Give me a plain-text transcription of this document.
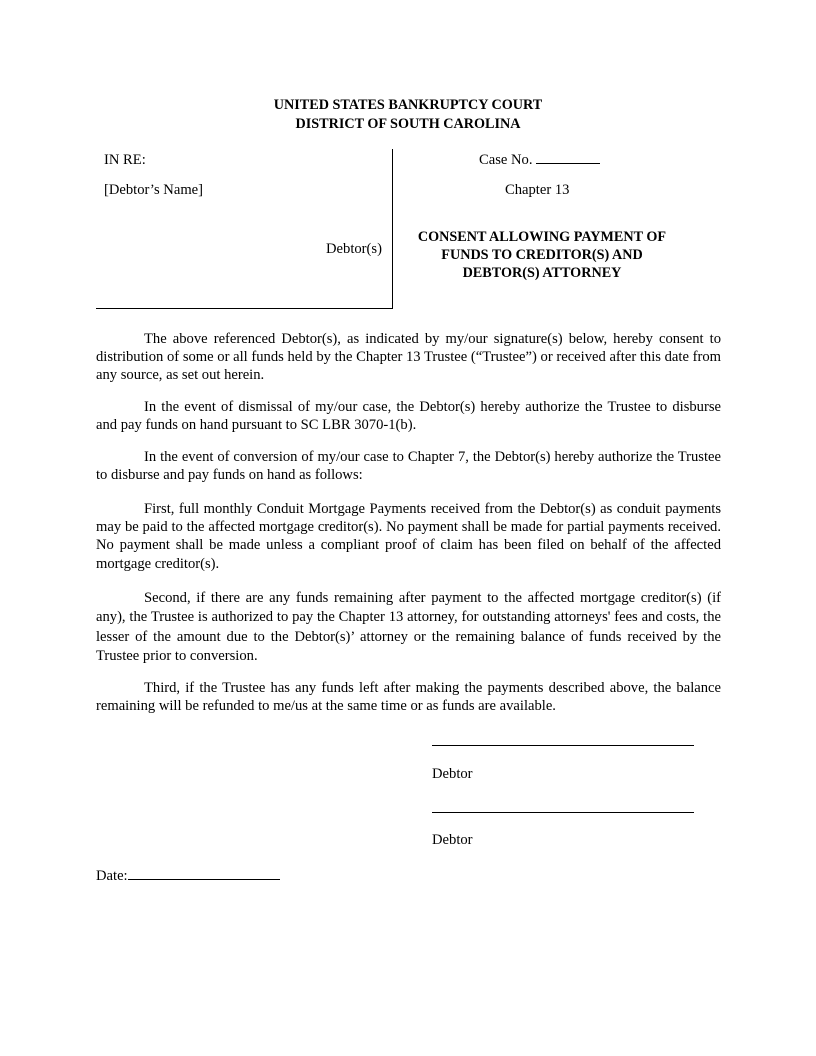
UNITED STATES BANKRUPTCY COURT
DISTRICT OF SOUTH CAROLINA
IN RE:
[Debtor’s Name]
Debtor(s)
Case No.
Chapter 13
CONSENT ALLOWING PAYMENT OF
FUNDS TO CREDITOR(S) AND
DEBTOR(S) ATTORNEY

The above referenced Debtor(s), as indicated by my/our signature(s) below, hereby consent to distribution of some or all funds held by the Chapter 13 Trustee (“Trustee”) or received after this date from any source, as set out herein.

In the event of dismissal of my/our case, the Debtor(s) hereby authorize the Trustee to disburse and pay funds on hand pursuant to SC LBR 3070-1(b).

In the event of conversion of my/our case to Chapter 7, the Debtor(s) hereby authorize the Trustee to disburse and pay funds on hand as follows:

First, full monthly Conduit Mortgage Payments received from the Debtor(s) as conduit payments may be paid to the affected mortgage creditor(s). No payment shall be made for partial payments received. No payment shall be made unless a compliant proof of claim has been filed on behalf of the affected mortgage creditor(s).

Second, if there are any funds remaining after payment to the affected mortgage creditor(s) (if any), the Trustee is authorized to pay the Chapter 13 attorney, for outstanding attorneys' fees and costs, the lesser of the amount due to the Debtor(s)’ attorney or the remaining balance of funds received by the Trustee prior to conversion.

Third, if the Trustee has any funds left after making the payments described above, the balance remaining will be refunded to me/us at the same time or as funds are available.

Debtor
Debtor
Date:
